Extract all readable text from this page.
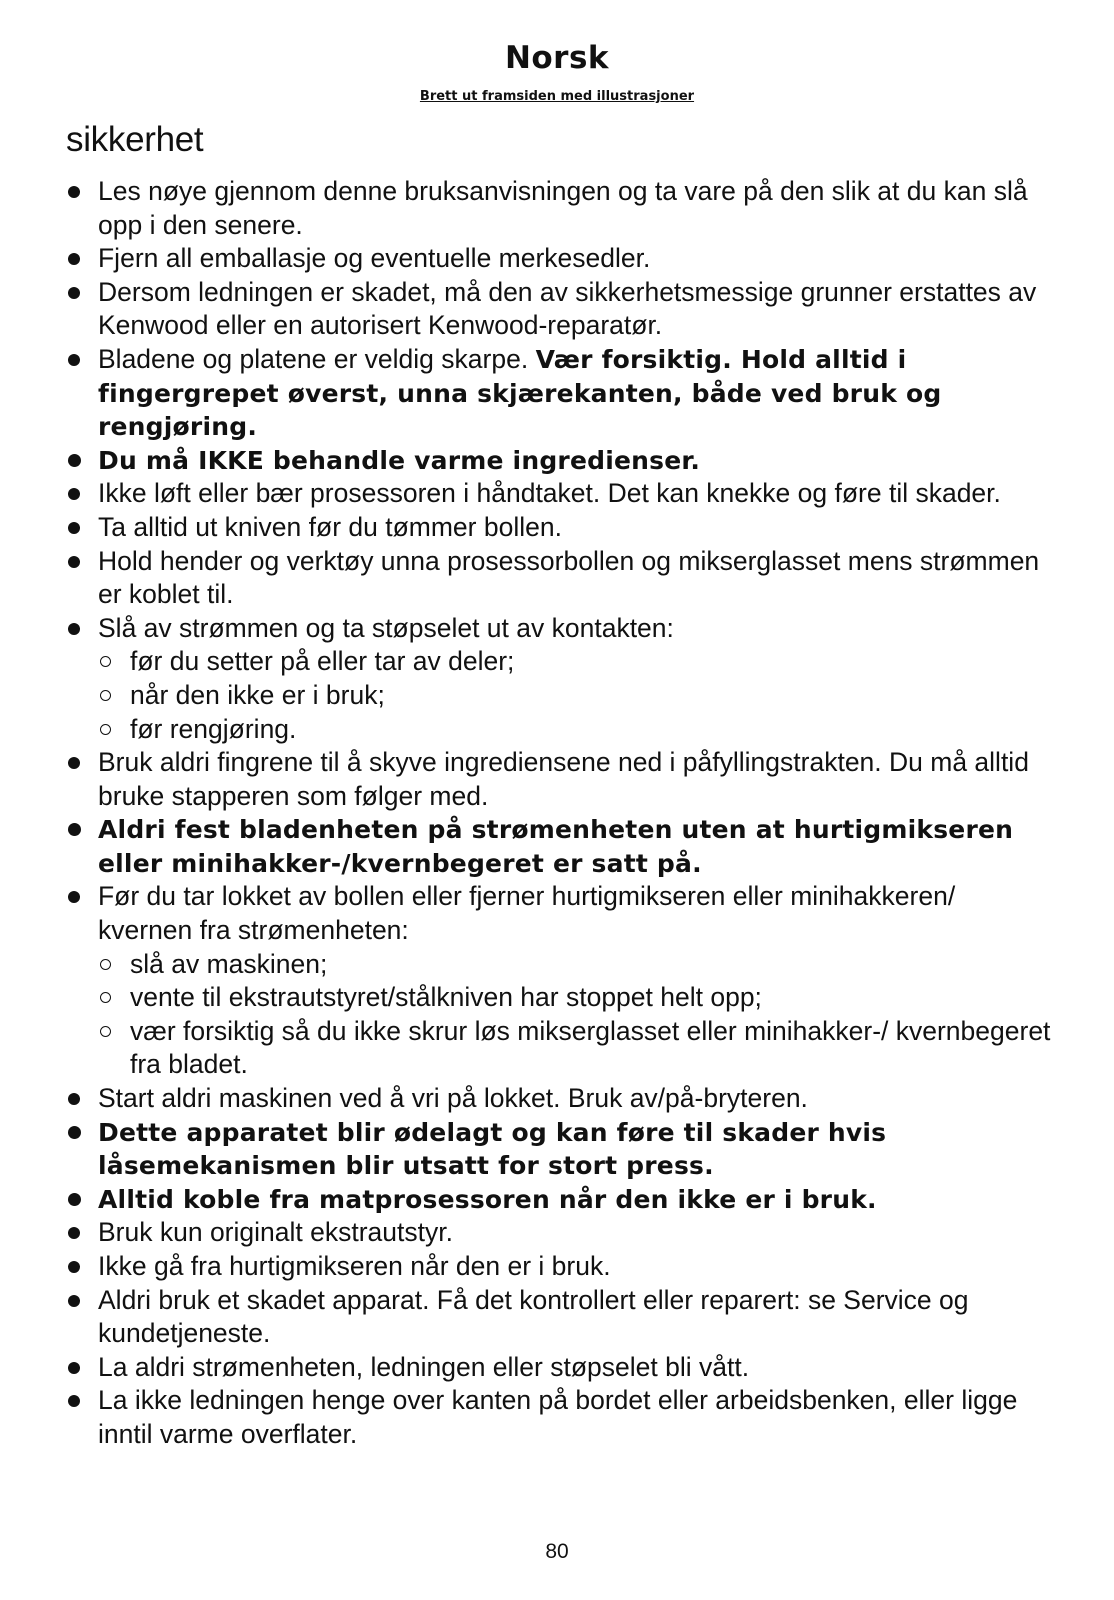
Norsk
Brett ut framsiden med illustrasjoner
sikkerhet
Les nøye gjennom denne bruksanvisningen og ta vare på den slik at du kan slå opp i den senere.
Fjern all emballasje og eventuelle merkesedler.
Dersom ledningen er skadet, må den av sikkerhetsmessige grunner erstattes av Kenwood eller en autorisert Kenwood-reparatør.
Bladene og platene er veldig skarpe. Vær forsiktig. Hold alltid i fingergrepet øverst, unna skjærekanten, både ved bruk og rengjøring.
Du må IKKE behandle varme ingredienser.
Ikke løft eller bær prosessoren i håndtaket. Det kan knekke og føre til skader.
Ta alltid ut kniven før du tømmer bollen.
Hold hender og verktøy unna prosessorbollen og mikserglasset mens strømmen er koblet til.
Slå av strømmen og ta støpselet ut av kontakten:
før du setter på eller tar av deler;
når den ikke er i bruk;
før rengjøring.
Bruk aldri fingrene til å skyve ingrediensene ned i påfyllingstrakten. Du må alltid bruke stapperen som følger med.
Aldri fest bladenheten på strømenheten uten at hurtigmikseren eller minihakker-/kvernbegeret er satt på.
Før du tar lokket av bollen eller fjerner hurtigmikseren eller minihakkeren/ kvernen fra strømenheten:
slå av maskinen;
vente til ekstrautstyret/stålkniven har stoppet helt opp;
vær forsiktig så du ikke skrur løs mikserglasset eller minihakker-/ kvernbegeret fra bladet.
Start aldri maskinen ved å vri på lokket. Bruk av/på-bryteren.
Dette apparatet blir ødelagt og kan føre til skader hvis låsemekanismen blir utsatt for stort press.
Alltid koble fra matprosessoren når den ikke er i bruk.
Bruk kun originalt ekstrautstyr.
Ikke gå fra hurtigmikseren når den er i bruk.
Aldri bruk et skadet apparat. Få det kontrollert eller reparert: se Service og kundetjeneste.
La aldri strømenheten, ledningen eller støpselet bli vått.
La ikke ledningen henge over kanten på bordet eller arbeidsbenken, eller ligge inntil varme overflater.
80
